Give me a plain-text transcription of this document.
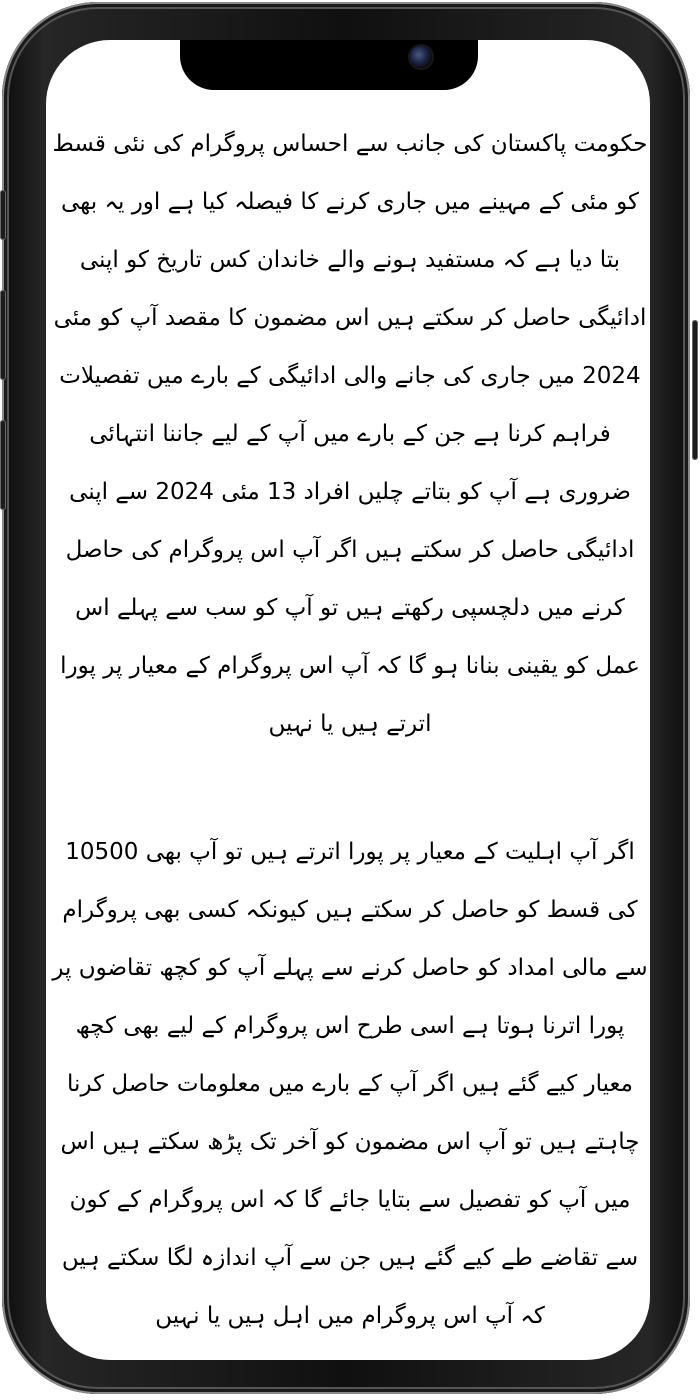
حکومت پاکستان کی جانب سے احساس پروگرام کی نئی قسط کو مئی کے مہینے میں جاری کرنے کا فیصلہ کیا ہے اور یہ بھی بتا دیا ہے کہ مستفید ہونے والے خاندان کس تاریخ کو اپنی ادائیگی حاصل کر سکتے ہیں اس مضمون کا مقصد آپ کو مئی 2024 میں جاری کی جانے والی ادائیگی کے بارے میں تفصیلات فراہم کرنا ہے جن کے بارے میں آپ کے لیے جاننا انتہائی ضروری ہے آپ کو بتاتے چلیں افراد 13 مئی 2024 سے اپنی ادائیگی حاصل کر سکتے ہیں اگر آپ اس پروگرام کی حاصل کرنے میں دلچسپی رکھتے ہیں تو آپ کو سب سے پہلے اس عمل کو یقینی بنانا ہو گا کہ آپ اس پروگرام کے معیار پر پورا اترتے ہیں یا نہیں

اگر آپ اہلیت کے معیار پر پورا اترتے ہیں تو آپ بھی 10500 کی قسط کو حاصل کر سکتے ہیں کیونکہ کسی بھی پروگرام سے مالی امداد کو حاصل کرنے سے پہلے آپ کو کچھ تقاضوں پر پورا اترنا ہوتا ہے اسی طرح اس پروگرام کے لیے بھی کچھ معیار کیے گئے ہیں اگر آپ کے بارے میں معلومات حاصل کرنا چاہتے ہیں تو آپ اس مضمون کو آخر تک پڑھ سکتے ہیں اس میں آپ کو تفصیل سے بتایا جائے گا کہ اس پروگرام کے کون سے تقاضے طے کیے گئے ہیں جن سے آپ اندازہ لگا سکتے ہیں کہ آپ اس پروگرام میں اہل ہیں یا نہیں
